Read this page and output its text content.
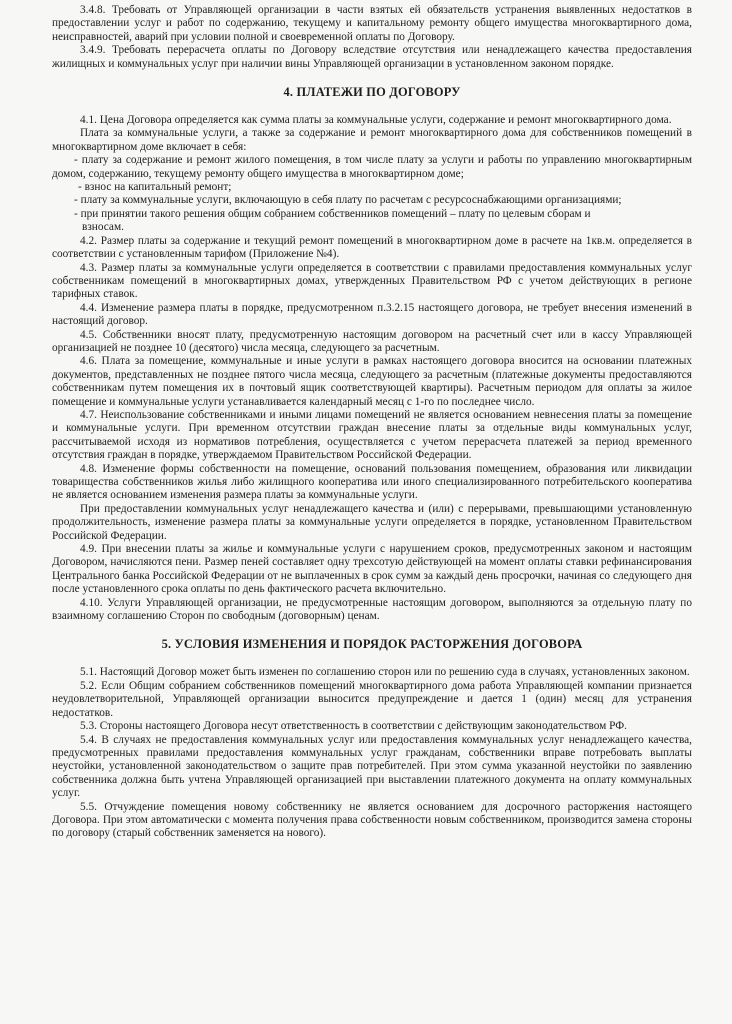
3.4.8. Требовать от Управляющей организации в части взятых ей обязательств устранения выявленных недостатков в предоставлении услуг и работ по содержанию, текущему и капитальному ремонту общего имущества многоквартирного дома, неисправностей, аварий при условии полной и своевременной оплаты по Договору.

3.4.9. Требовать перерасчета оплаты по Договору вследствие отсутствия или ненадлежащего качества предоставления жилищных и коммунальных услуг при наличии вины Управляющей организации в установленном законом порядке.

4. ПЛАТЕЖИ ПО ДОГОВОРУ

4.1. Цена Договора определяется как сумма платы за коммунальные услуги, содержание и ремонт многоквартирного дома.

Плата за коммунальные услуги, а также за содержание и ремонт многоквартирного дома для собственников помещений в многоквартирном доме включает в себя:

- плату за содержание и ремонт жилого помещения, в том числе плату за услуги и работы по управлению многоквартирным домом, содержанию, текущему ремонту общего имущества в многоквартирном доме;

- взнос на капитальный ремонт;

- плату за коммунальные услуги, включающую в себя плату по расчетам с ресурсоснабжающими организациями;

- при принятии такого решения общим собранием собственников помещений – плату по целевым сборам и

взносам.

4.2. Размер платы за содержание и текущий ремонт помещений в многоквартирном доме в расчете на 1кв.м. определяется в соответствии с установленным тарифом (Приложение №4).

4.3. Размер платы за коммунальные услуги определяется в соответствии с правилами предоставления коммунальных услуг собственникам помещений в многоквартирных домах, утвержденных Правительством РФ с учетом действующих в регионе тарифных ставок.

4.4. Изменение размера платы в порядке, предусмотренном п.3.2.15 настоящего договора, не требует внесения изменений в настоящий договор.

4.5. Собственники вносят плату, предусмотренную настоящим договором на расчетный счет или в кассу Управляющей организацией не позднее 10 (десятого) числа месяца, следующего за расчетным.

4.6. Плата за помещение, коммунальные и иные услуги в рамках настоящего договора вносится на основании платежных документов, представленных не позднее пятого числа месяца, следующего за расчетным (платежные документы предоставляются собственникам путем помещения их в почтовый ящик соответствующей квартиры). Расчетным периодом для оплаты за жилое помещение и коммунальные услуги устанавливается календарный месяц с 1-го по последнее число.

4.7. Неиспользование собственниками и иными лицами помещений не является основанием невнесения платы за помещение и коммунальные услуги. При временном отсутствии граждан внесение платы за отдельные виды коммунальных услуг, рассчитываемой исходя из нормативов потребления, осуществляется с учетом перерасчета платежей за период временного отсутствия граждан в порядке, утверждаемом Правительством Российской Федерации.

4.8. Изменение формы собственности на помещение, оснований пользования помещением, образования или ликвидации товарищества собственников жилья либо жилищного кооператива или иного специализированного потребительского кооператива не является основанием изменения размера платы за коммунальные услуги.

При предоставлении коммунальных услуг ненадлежащего качества и (или) с перерывами, превышающими установленную продолжительность, изменение размера платы за коммунальные услуги определяется в порядке, установленном Правительством Российской Федерации.

4.9. При внесении платы за жилье и коммунальные услуги с нарушением сроков, предусмотренных законом и настоящим Договором, начисляются пени. Размер пеней составляет одну трехсотую действующей на момент оплаты ставки рефинансирования Центрального банка Российской Федерации от не выплаченных в срок сумм за каждый день просрочки, начиная со следующего дня после установленного срока оплаты по день фактического расчета включительно.

4.10. Услуги Управляющей организации, не предусмотренные настоящим договором, выполняются за отдельную плату по взаимному соглашению Сторон по свободным (договорным) ценам.

5. УСЛОВИЯ ИЗМЕНЕНИЯ И ПОРЯДОК РАСТОРЖЕНИЯ ДОГОВОРА

5.1. Настоящий Договор может быть изменен по соглашению сторон или по решению суда в случаях, установленных законом.

5.2. Если Общим собранием собственников помещений многоквартирного дома работа Управляющей компании признается неудовлетворительной, Управляющей организации выносится предупреждение и дается 1 (один) месяц для устранения недостатков.

5.3. Стороны настоящего Договора несут ответственность в соответствии с действующим законодательством РФ.

5.4. В случаях не предоставления коммунальных услуг или предоставления коммунальных услуг ненадлежащего качества, предусмотренных правилами предоставления коммунальных услуг гражданам, собственники вправе потребовать выплаты неустойки, установленной законодательством о защите прав потребителей. При этом сумма указанной неустойки по заявлению собственника должна быть учтена Управляющей организацией при выставлении платежного документа на оплату коммунальных услуг.

5.5. Отчуждение помещения новому собственнику не является основанием для досрочного расторжения настоящего Договора. При этом автоматически с момента получения права собственности новым собственником, производится замена стороны по договору (старый собственник заменяется на нового).
